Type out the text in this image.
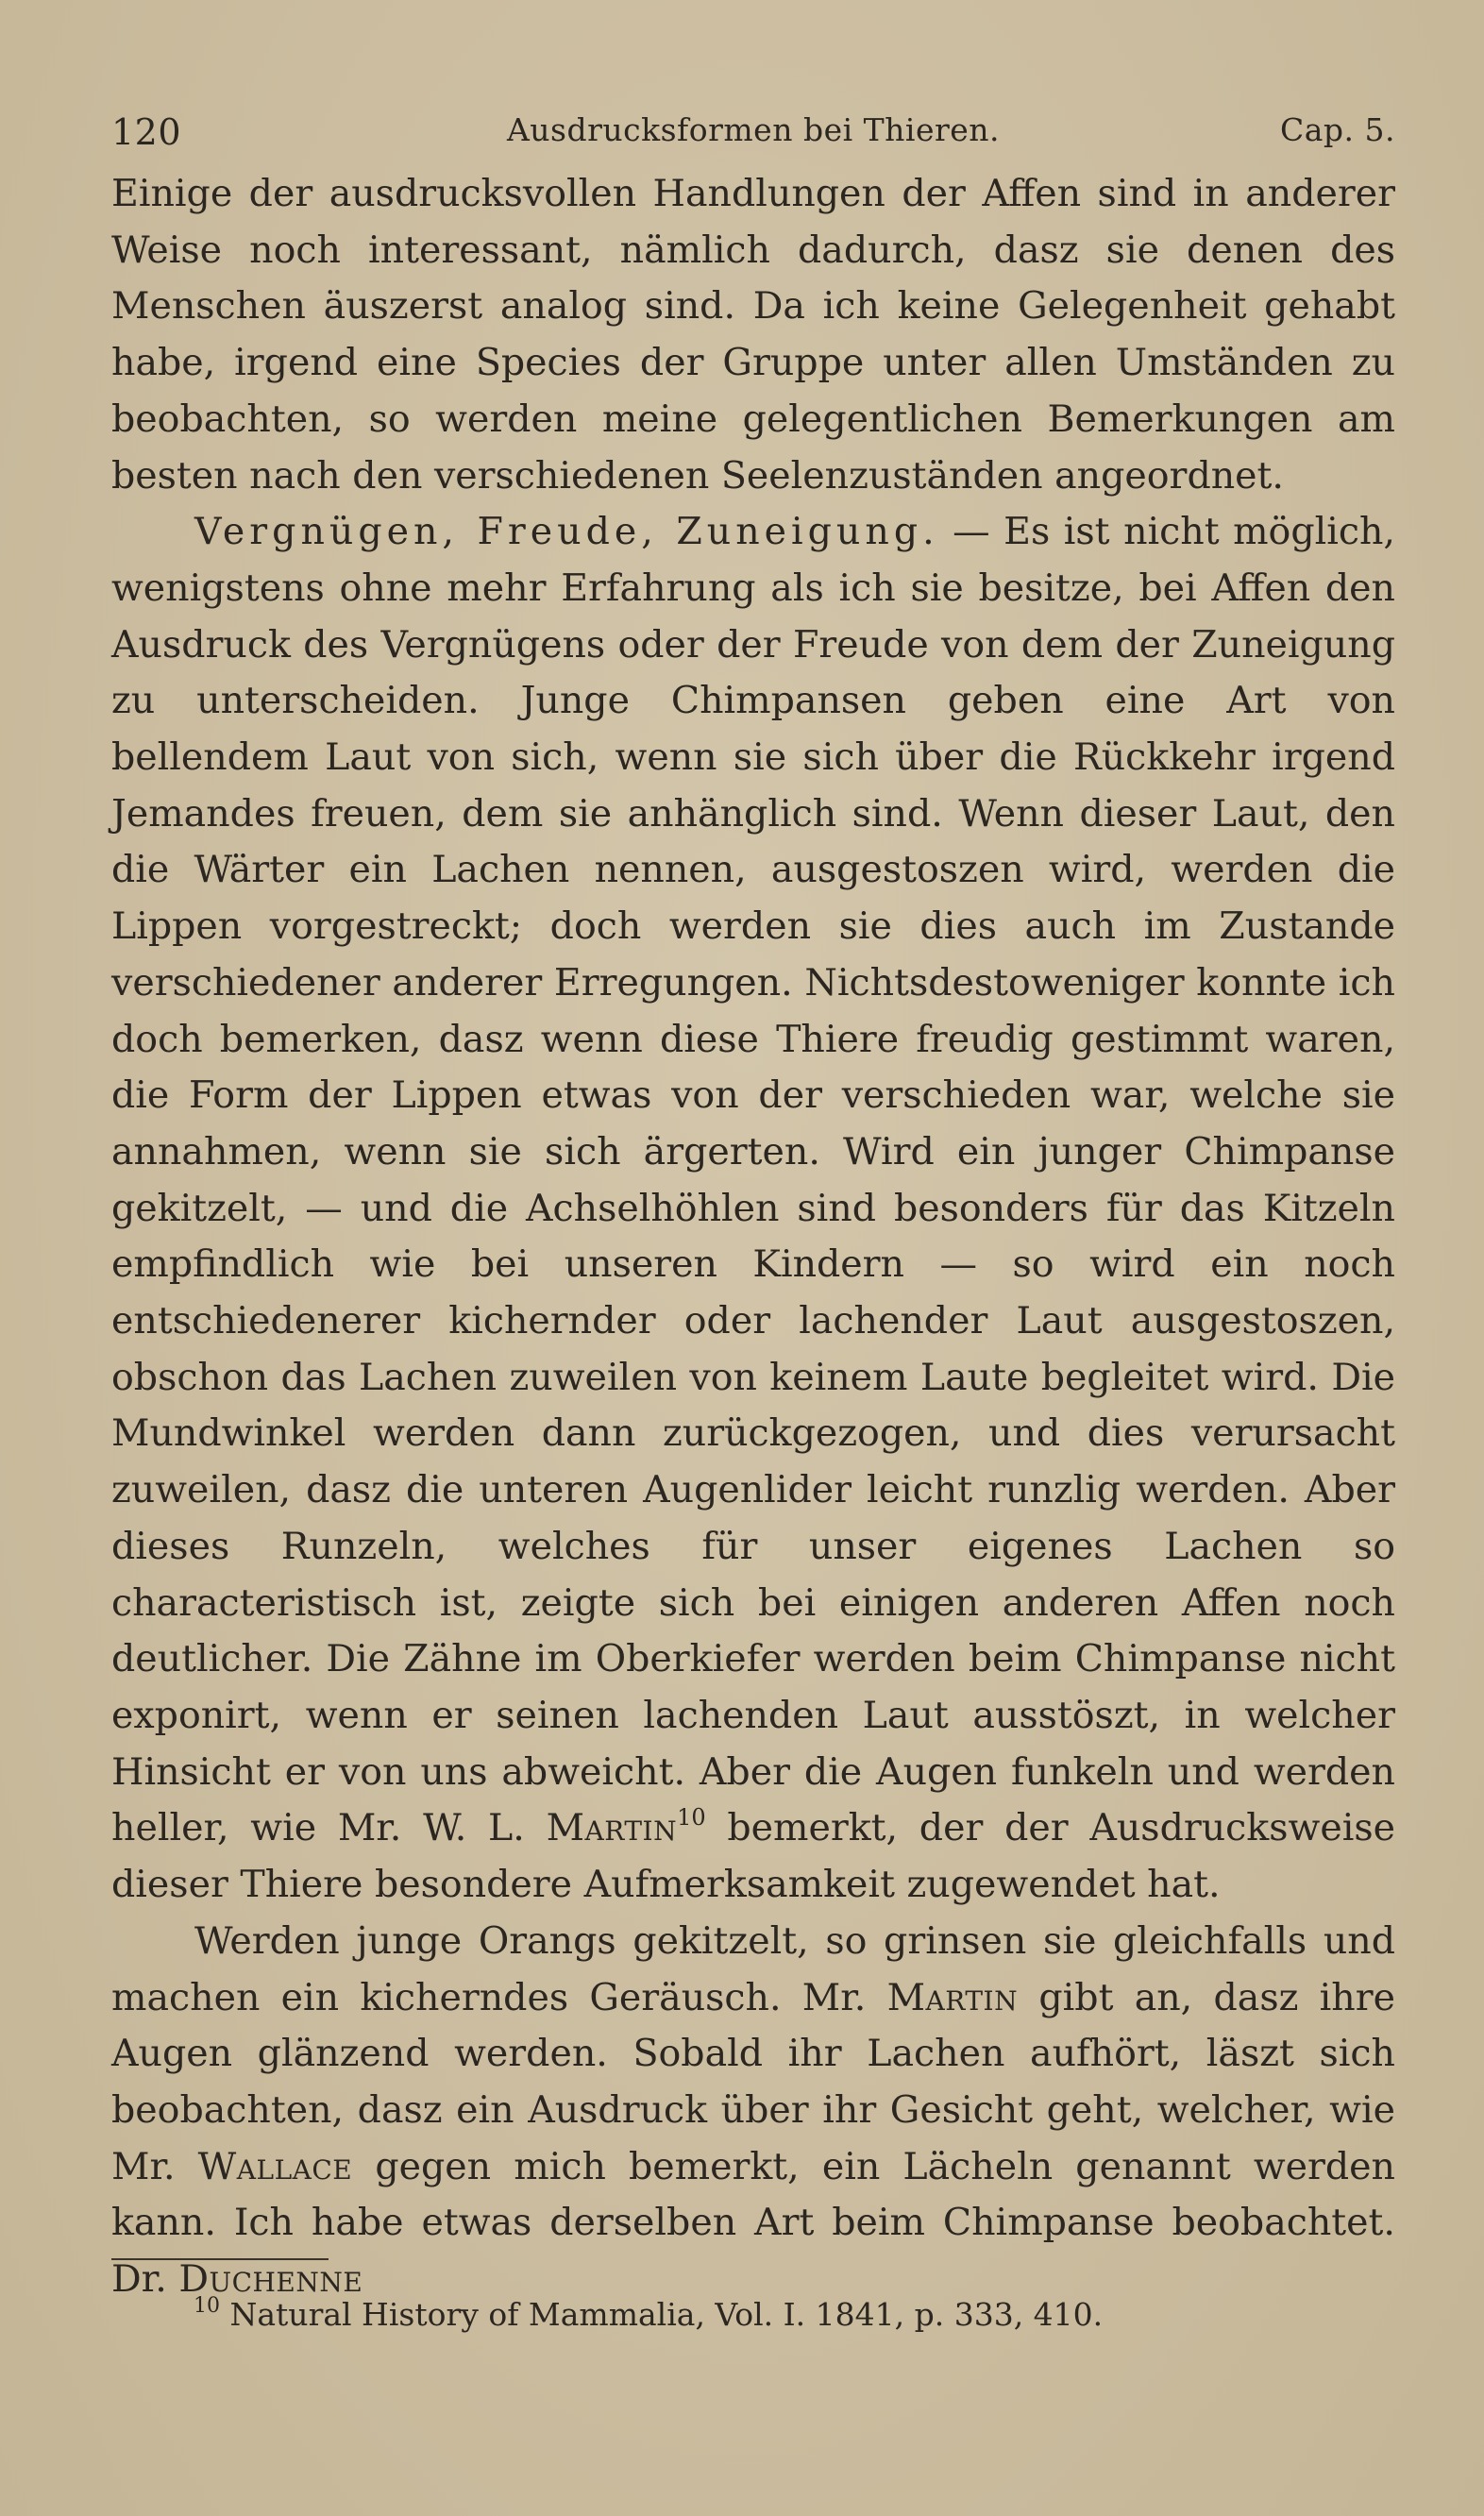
120	Ausdrucksformen bei Thieren.	Cap. 5.

Einige der ausdrucksvollen Handlungen der Affen sind in anderer Weise noch interessant, nämlich dadurch, dasz sie denen des Menschen äuszerst analog sind. Da ich keine Gelegenheit gehabt habe, irgend eine Species der Gruppe unter allen Umständen zu beobachten, so werden meine gelegentlichen Bemerkungen am besten nach den verschiedenen Seelenzuständen angeordnet.

Vergnügen, Freude, Zuneigung. — Es ist nicht möglich, wenigstens ohne mehr Erfahrung als ich sie besitze, bei Affen den Ausdruck des Vergnügens oder der Freude von dem der Zuneigung zu unterscheiden. Junge Chimpansen geben eine Art von bellendem Laut von sich, wenn sie sich über die Rückkehr irgend Jemandes freuen, dem sie anhänglich sind. Wenn dieser Laut, den die Wärter ein Lachen nennen, ausgestoszen wird, werden die Lippen vorgestreckt; doch werden sie dies auch im Zustande verschiedener anderer Erregungen. Nichtsdestoweniger konnte ich doch bemerken, dasz wenn diese Thiere freudig gestimmt waren, die Form der Lippen etwas von der verschieden war, welche sie annahmen, wenn sie sich ärgerten. Wird ein junger Chimpanse gekitzelt, — und die Achselhöhlen sind besonders für das Kitzeln empfindlich wie bei unseren Kindern — so wird ein noch entschiedenerer kichernder oder lachender Laut ausgestoszen, obschon das Lachen zuweilen von keinem Laute begleitet wird. Die Mundwinkel werden dann zurückgezogen, und dies verursacht zuweilen, dasz die unteren Augenlider leicht runzlig werden. Aber dieses Runzeln, welches für unser eigenes Lachen so characteristisch ist, zeigte sich bei einigen anderen Affen noch deutlicher. Die Zähne im Oberkiefer werden beim Chimpanse nicht exponirt, wenn er seinen lachenden Laut ausstöszt, in welcher Hinsicht er von uns abweicht. Aber die Augen funkeln und werden heller, wie Mr. W. L. Martin$^{10}$ bemerkt, der der Ausdrucksweise dieser Thiere besondere Aufmerksamkeit zugewendet hat.

Werden junge Orangs gekitzelt, so grinsen sie gleichfalls und machen ein kicherndes Geräusch. Mr. Martin gibt an, dasz ihre Augen glänzend werden. Sobald ihr Lachen aufhört, läszt sich beobachten, dasz ein Ausdruck über ihr Gesicht geht, welcher, wie Mr. Wallace gegen mich bemerkt, ein Lächeln genannt werden kann. Ich habe etwas derselben Art beim Chimpanse beobachtet. Dr. Duchenne

$^{10}$ Natural History of Mammalia, Vol. I. 1841, p. 333, 410.
